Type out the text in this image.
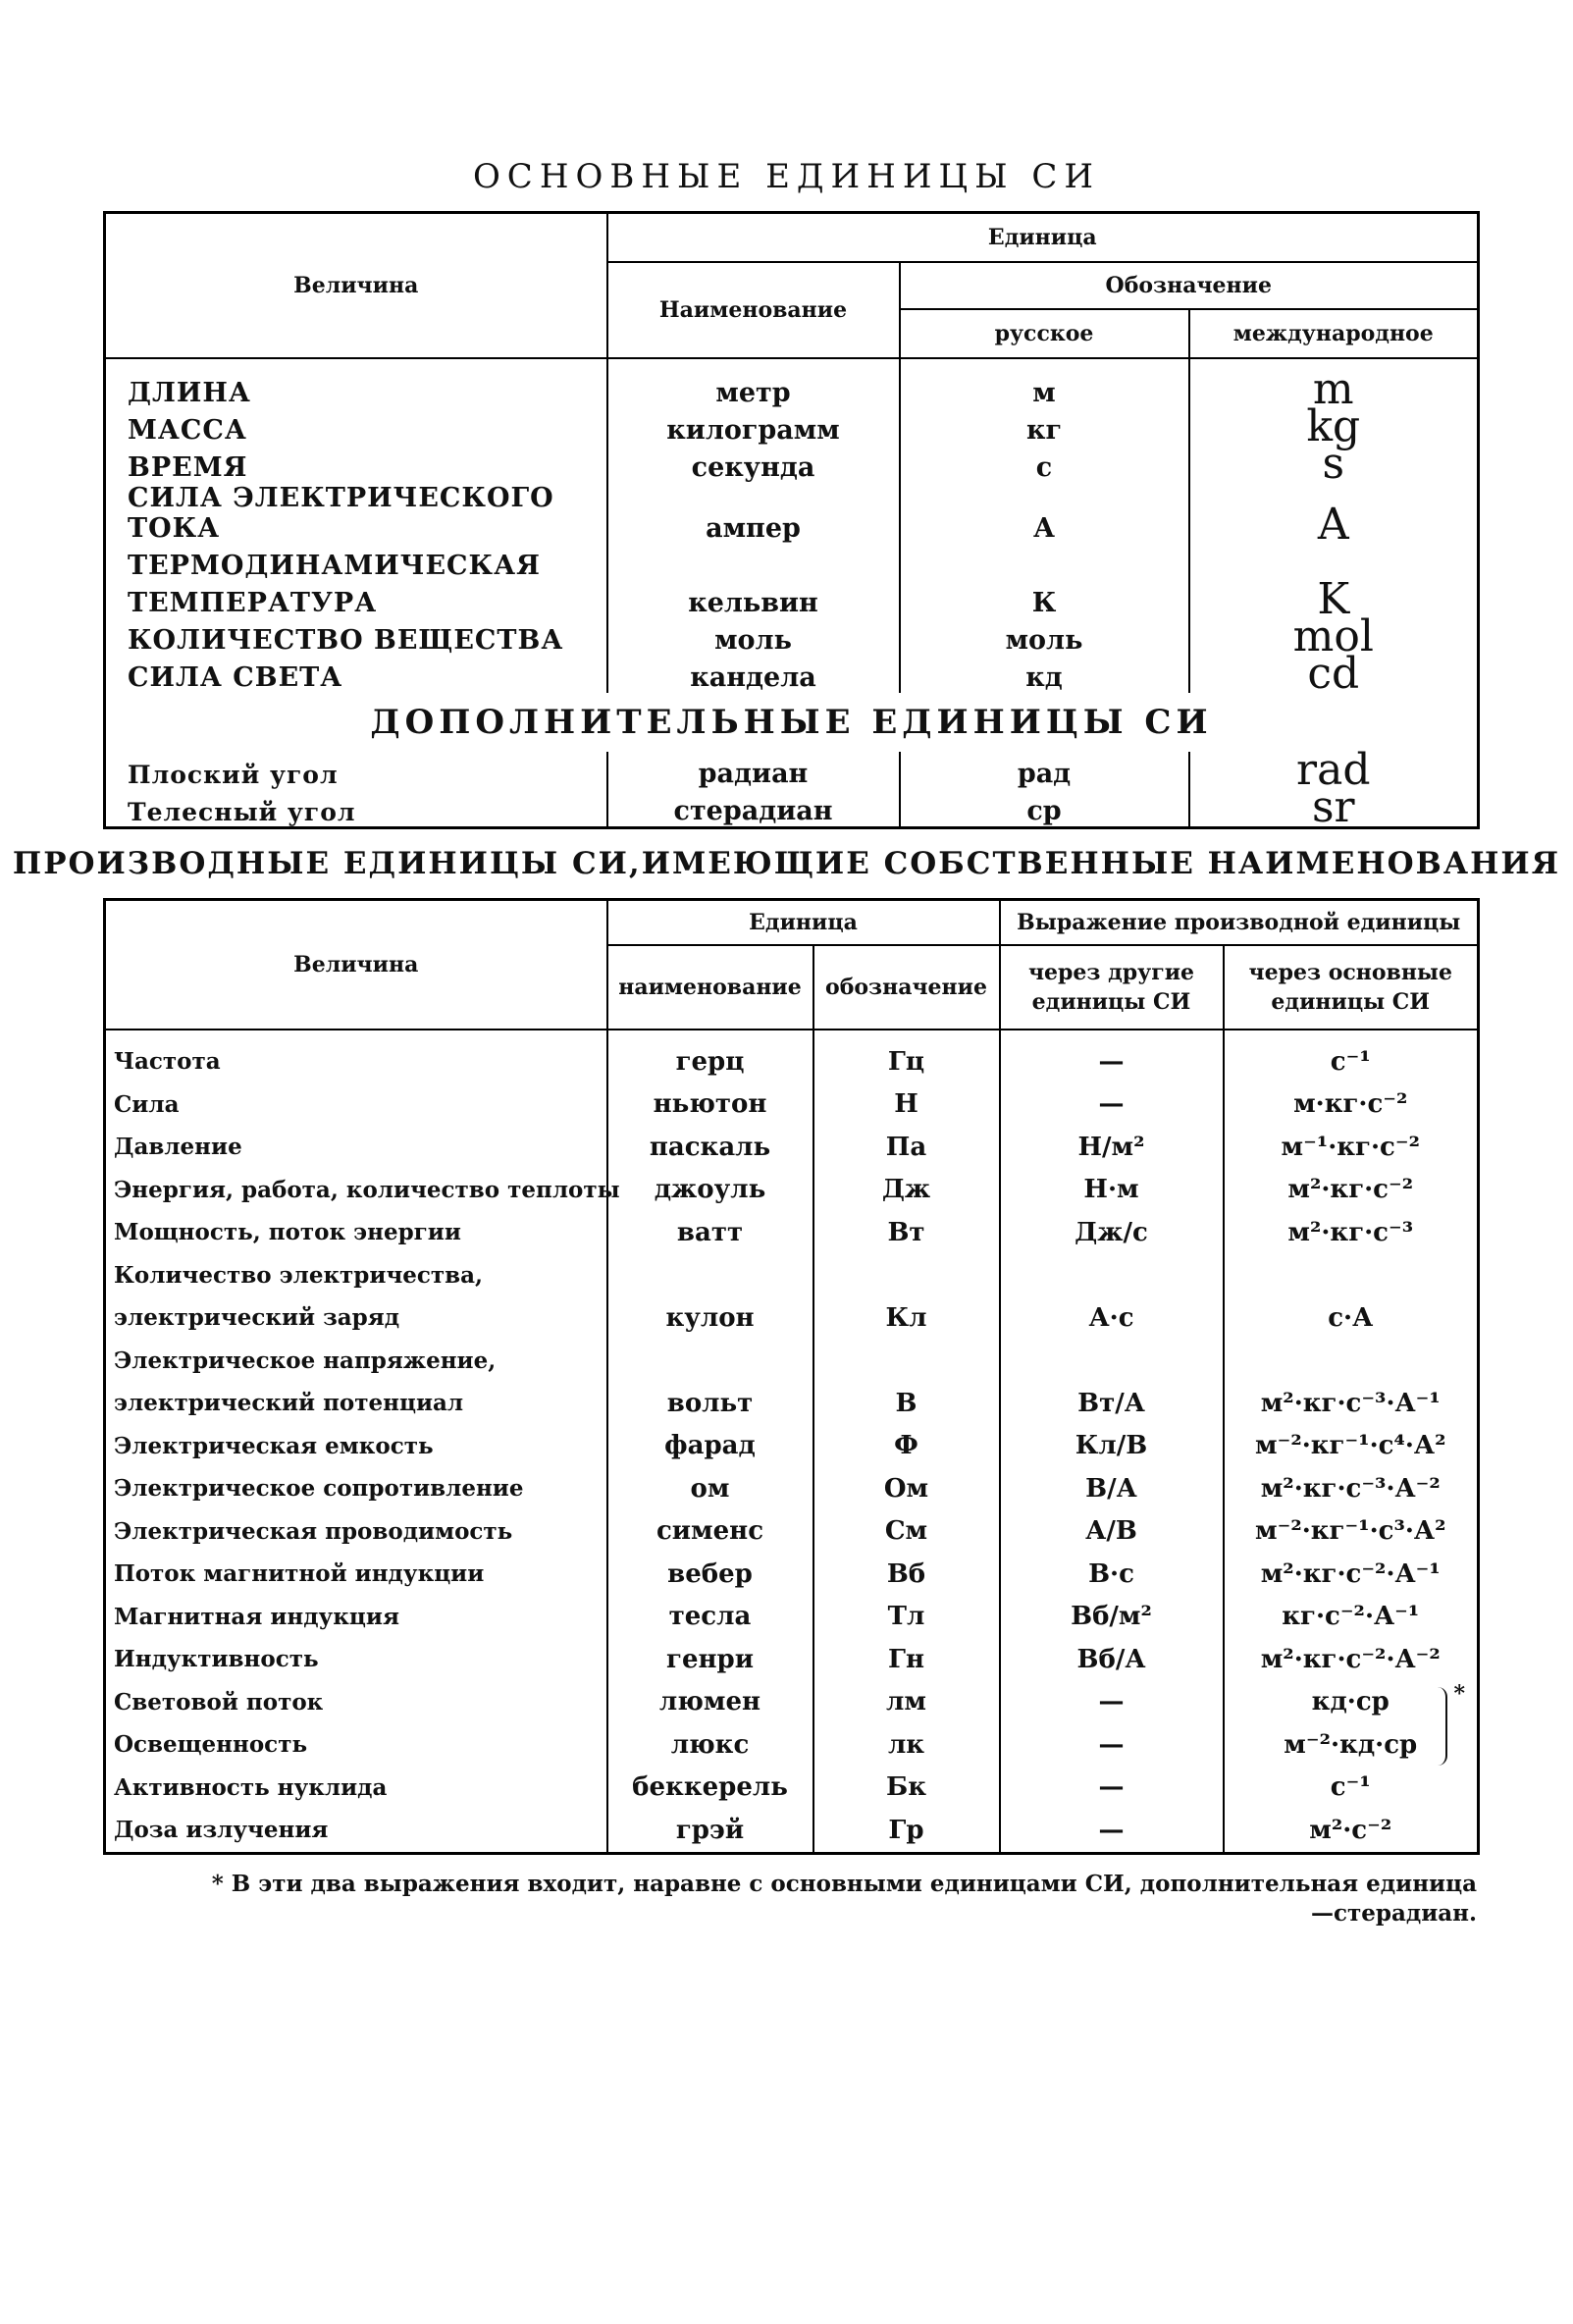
ОСНОВНЫЕ ЕДИНИЦЫ СИ
Величина	Единица		
	Наименование	Обозначение	
		русское	международное
ДЛИНА	метр	м	m
МАССА	килограмм	кг	kg
ВРЕМЯ	секунда	с	s
СИЛА ЭЛЕКТРИЧЕСКОГО ТОКА	ампер	А	A
ТЕРМОДИНАМИЧЕСКАЯ			
ТЕМПЕРАТУРА	кельвин	К	K
КОЛИЧЕСТВО ВЕЩЕСТВА	моль	моль	mol
СИЛА СВЕТА	кандела	кд	cd
ДОПОЛНИТЕЛЬНЫЕ ЕДИНИЦЫ СИ			
Плоский угол	радиан	рад	rad
Телесный угол	стерадиан	ср	sr
ПРОИЗВОДНЫЕ ЕДИНИЦЫ СИ,ИМЕЮЩИЕ СОБСТВЕННЫЕ НАИМЕНОВАНИЯ
Величина	Единица		Выражение производной единицы	
	наименование	обозначение	через другие единицы СИ	через основные единицы СИ
Частота	герц	Гц	—	с⁻¹
Сила	ньютон	Н	—	м·кг·с⁻²
Давление	паскаль	Па	Н/м²	м⁻¹·кг·с⁻²
Энергия, работа, количество теплоты	джоуль	Дж	Н·м	м²·кг·с⁻²
Мощность, поток энергии	ватт	Вт	Дж/с	м²·кг·с⁻³
Количество электричества,				
электрический заряд	кулон	Кл	А·с	с·А
Электрическое напряжение,				
электрический потенциал	вольт	В	Вт/А	м²·кг·с⁻³·А⁻¹
Электрическая емкость	фарад	Ф	Кл/В	м⁻²·кг⁻¹·с⁴·А²
Электрическое сопротивление	ом	Ом	В/А	м²·кг·с⁻³·А⁻²
Электрическая проводимость	сименс	См	А/В	м⁻²·кг⁻¹·с³·А²
Поток магнитной индукции	вебер	Вб	В·с	м²·кг·с⁻²·А⁻¹
Магнитная индукция	тесла	Тл	Вб/м²	кг·с⁻²·А⁻¹
Индуктивность	генри	Гн	Вб/А	м²·кг·с⁻²·А⁻²
Световой поток	люмен	лм	—	кд·ср *

Освещенность	люкс	лк	—	м⁻²·кд·ср
Активность нуклида	беккерель	Бк	—	с⁻¹
Доза излучения	грэй	Гр	—	м²·с⁻²
* В эти два выражения входит, наравне с основными единицами СИ, дополнительная единица—стерадиан.
